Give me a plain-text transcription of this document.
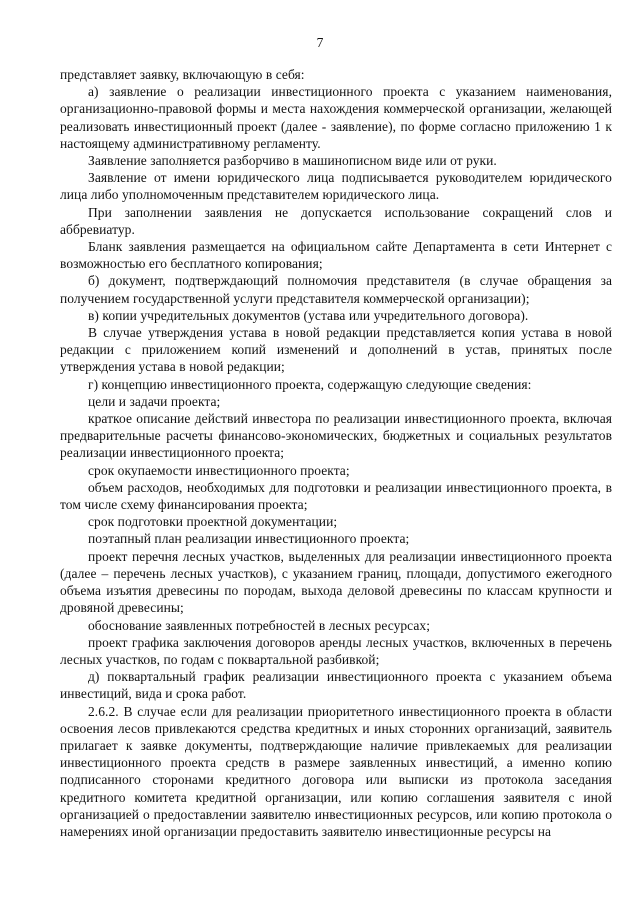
7

представляет заявку, включающую в себя:

а) заявление о реализации инвестиционного проекта с указанием наименования, организационно-правовой формы и места нахождения коммерческой организации, желающей реализовать инвестиционный проект (далее - заявление), по форме согласно приложению 1 к настоящему административному регламенту.

Заявление заполняется разборчиво в машинописном виде или от руки.

Заявление от имени юридического лица подписывается руководителем юридического лица либо уполномоченным представителем юридического лица.

При заполнении заявления не допускается использование сокращений слов и аббревиатур.

Бланк заявления размещается на официальном сайте Департамента в сети Интернет с возможностью его бесплатного копирования;

б) документ, подтверждающий полномочия представителя (в случае обращения за получением государственной услуги представителя коммерческой организации);

в) копии учредительных документов (устава или учредительного договора).

В случае утверждения устава в новой редакции представляется копия устава в новой редакции с приложением копий изменений и дополнений в устав, принятых после утверждения устава в новой редакции;

г) концепцию инвестиционного проекта, содержащую следующие сведения:

цели и задачи проекта;

краткое описание действий инвестора по реализации инвестиционного проекта, включая предварительные расчеты финансово-экономических, бюджетных и социальных результатов реализации инвестиционного проекта;

срок окупаемости инвестиционного проекта;

объем расходов, необходимых для подготовки и реализации инвестиционного проекта, в том числе схему финансирования проекта;

срок подготовки проектной документации;

поэтапный план реализации инвестиционного проекта;

проект перечня лесных участков, выделенных для реализации инвестиционного проекта (далее – перечень лесных участков), с указанием границ, площади, допустимого ежегодного объема изъятия древесины по породам, выхода деловой древесины по классам крупности и дровяной древесины;

обоснование заявленных потребностей в лесных ресурсах;

проект графика заключения договоров аренды лесных участков, включенных в перечень лесных участков, по годам с поквартальной разбивкой;

д) поквартальный график реализации инвестиционного проекта с указанием объема инвестиций, вида и срока работ.

2.6.2. В случае если для реализации приоритетного инвестиционного проекта в области освоения лесов привлекаются средства кредитных и иных сторонних организаций, заявитель прилагает к заявке документы, подтверждающие наличие привлекаемых для реализации инвестиционного проекта средств в размере заявленных инвестиций, а именно копию подписанного сторонами кредитного договора или выписки из протокола заседания кредитного комитета кредитной организации, или копию соглашения заявителя с иной организацией о предоставлении заявителю инвестиционных ресурсов, или копию протокола о намерениях иной организации предоставить заявителю инвестиционные ресурсы на
